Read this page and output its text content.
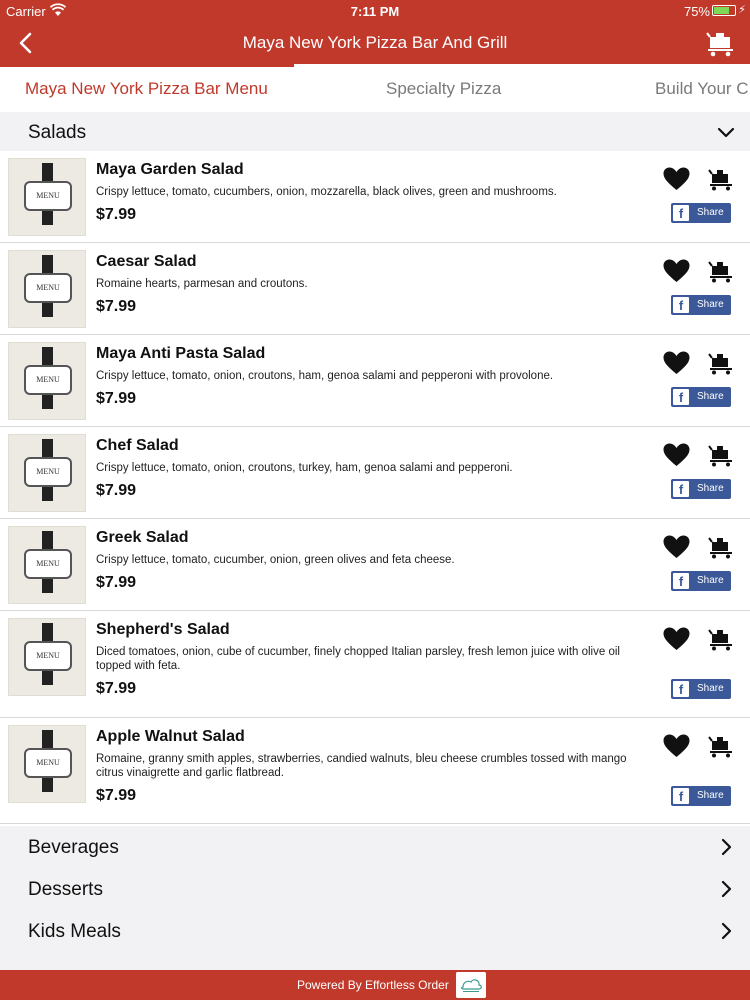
Carrier	7:11 PM	75%	⚡
Maya New York Pizza Bar And Grill
Maya New York Pizza Bar Menu	Specialty Pizza	Build Your C
Salads
MENU
Maya Garden Salad
Crispy lettuce, tomato, cucumbers, onion, mozzarella, black olives, green and mushrooms.
$7.99	f	Share
MENU
Caesar Salad
Romaine hearts, parmesan and croutons.
$7.99	f	Share
MENU
Maya Anti Pasta Salad
Crispy lettuce, tomato, onion, croutons, ham, genoa salami and pepperoni with provolone.
$7.99	f	Share
MENU
Chef Salad
Crispy lettuce, tomato, onion, croutons, turkey, ham, genoa salami and pepperoni.
$7.99	f	Share
MENU
Greek Salad
Crispy lettuce, tomato, cucumber, onion, green olives and feta cheese.
$7.99	f	Share
MENU
Shepherd's Salad
Diced tomatoes, onion, cube of cucumber, finely chopped Italian parsley, fresh lemon juice with olive oil topped with feta.
$7.99	f	Share
MENU
Apple Walnut Salad
Romaine, granny smith apples, strawberries, candied walnuts, bleu cheese crumbles tossed with mango citrus vinaigrette and garlic flatbread.
$7.99	f	Share
Beverages
Desserts
Kids Meals
Powered By Effortless Order
